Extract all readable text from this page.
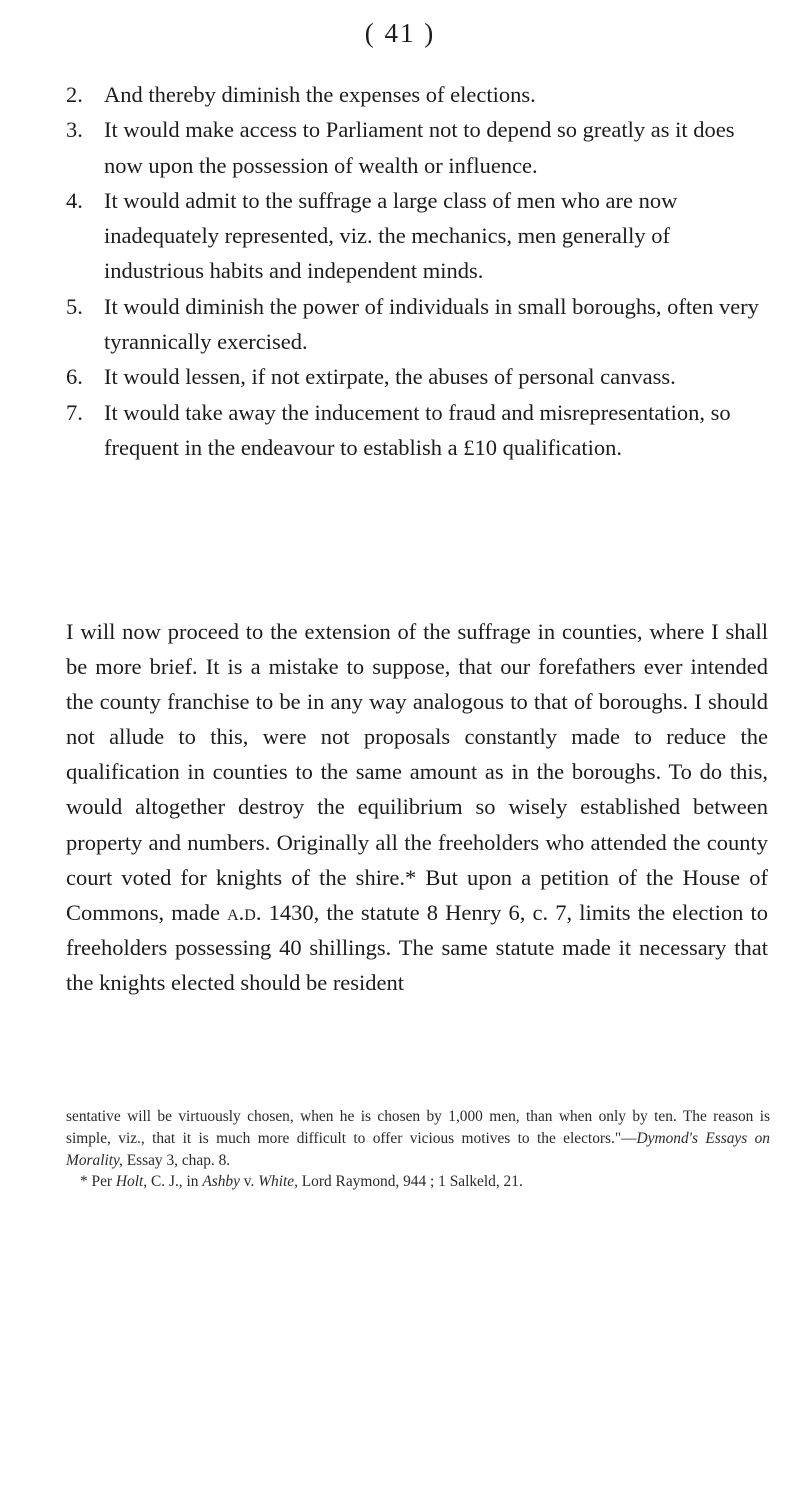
( 41 )
2. And thereby diminish the expenses of elections.
3. It would make access to Parliament not to depend so greatly as it does now upon the possession of wealth or influence.
4. It would admit to the suffrage a large class of men who are now inadequately represented, viz. the mechanics, men generally of industrious habits and independent minds.
5. It would diminish the power of individuals in small boroughs, often very tyrannically exercised.
6. It would lessen, if not extirpate, the abuses of personal canvass.
7. It would take away the inducement to fraud and misrepresentation, so frequent in the endeavour to establish a £10 qualification.
I will now proceed to the extension of the suffrage in counties, where I shall be more brief. It is a mistake to suppose, that our forefathers ever intended the county franchise to be in any way analogous to that of boroughs. I should not allude to this, were not proposals constantly made to reduce the qualification in counties to the same amount as in the boroughs. To do this, would altogether destroy the equilibrium so wisely established between property and numbers. Originally all the freeholders who attended the county court voted for knights of the shire.* But upon a petition of the House of Commons, made a.d. 1430, the statute 8 Henry 6, c. 7, limits the election to freeholders possessing 40 shillings. The same statute made it necessary that the knights elected should be resident

sentative will be virtuously chosen, when he is chosen by 1,000 men, than when only by ten. The reason is simple, viz., that it is much more difficult to offer vicious motives to the electors."—Dymond's Essays on Morality, Essay 3, chap. 8.

* Per Holt, C. J., in Ashby v. White, Lord Raymond, 944 ; 1 Salkeld, 21.
